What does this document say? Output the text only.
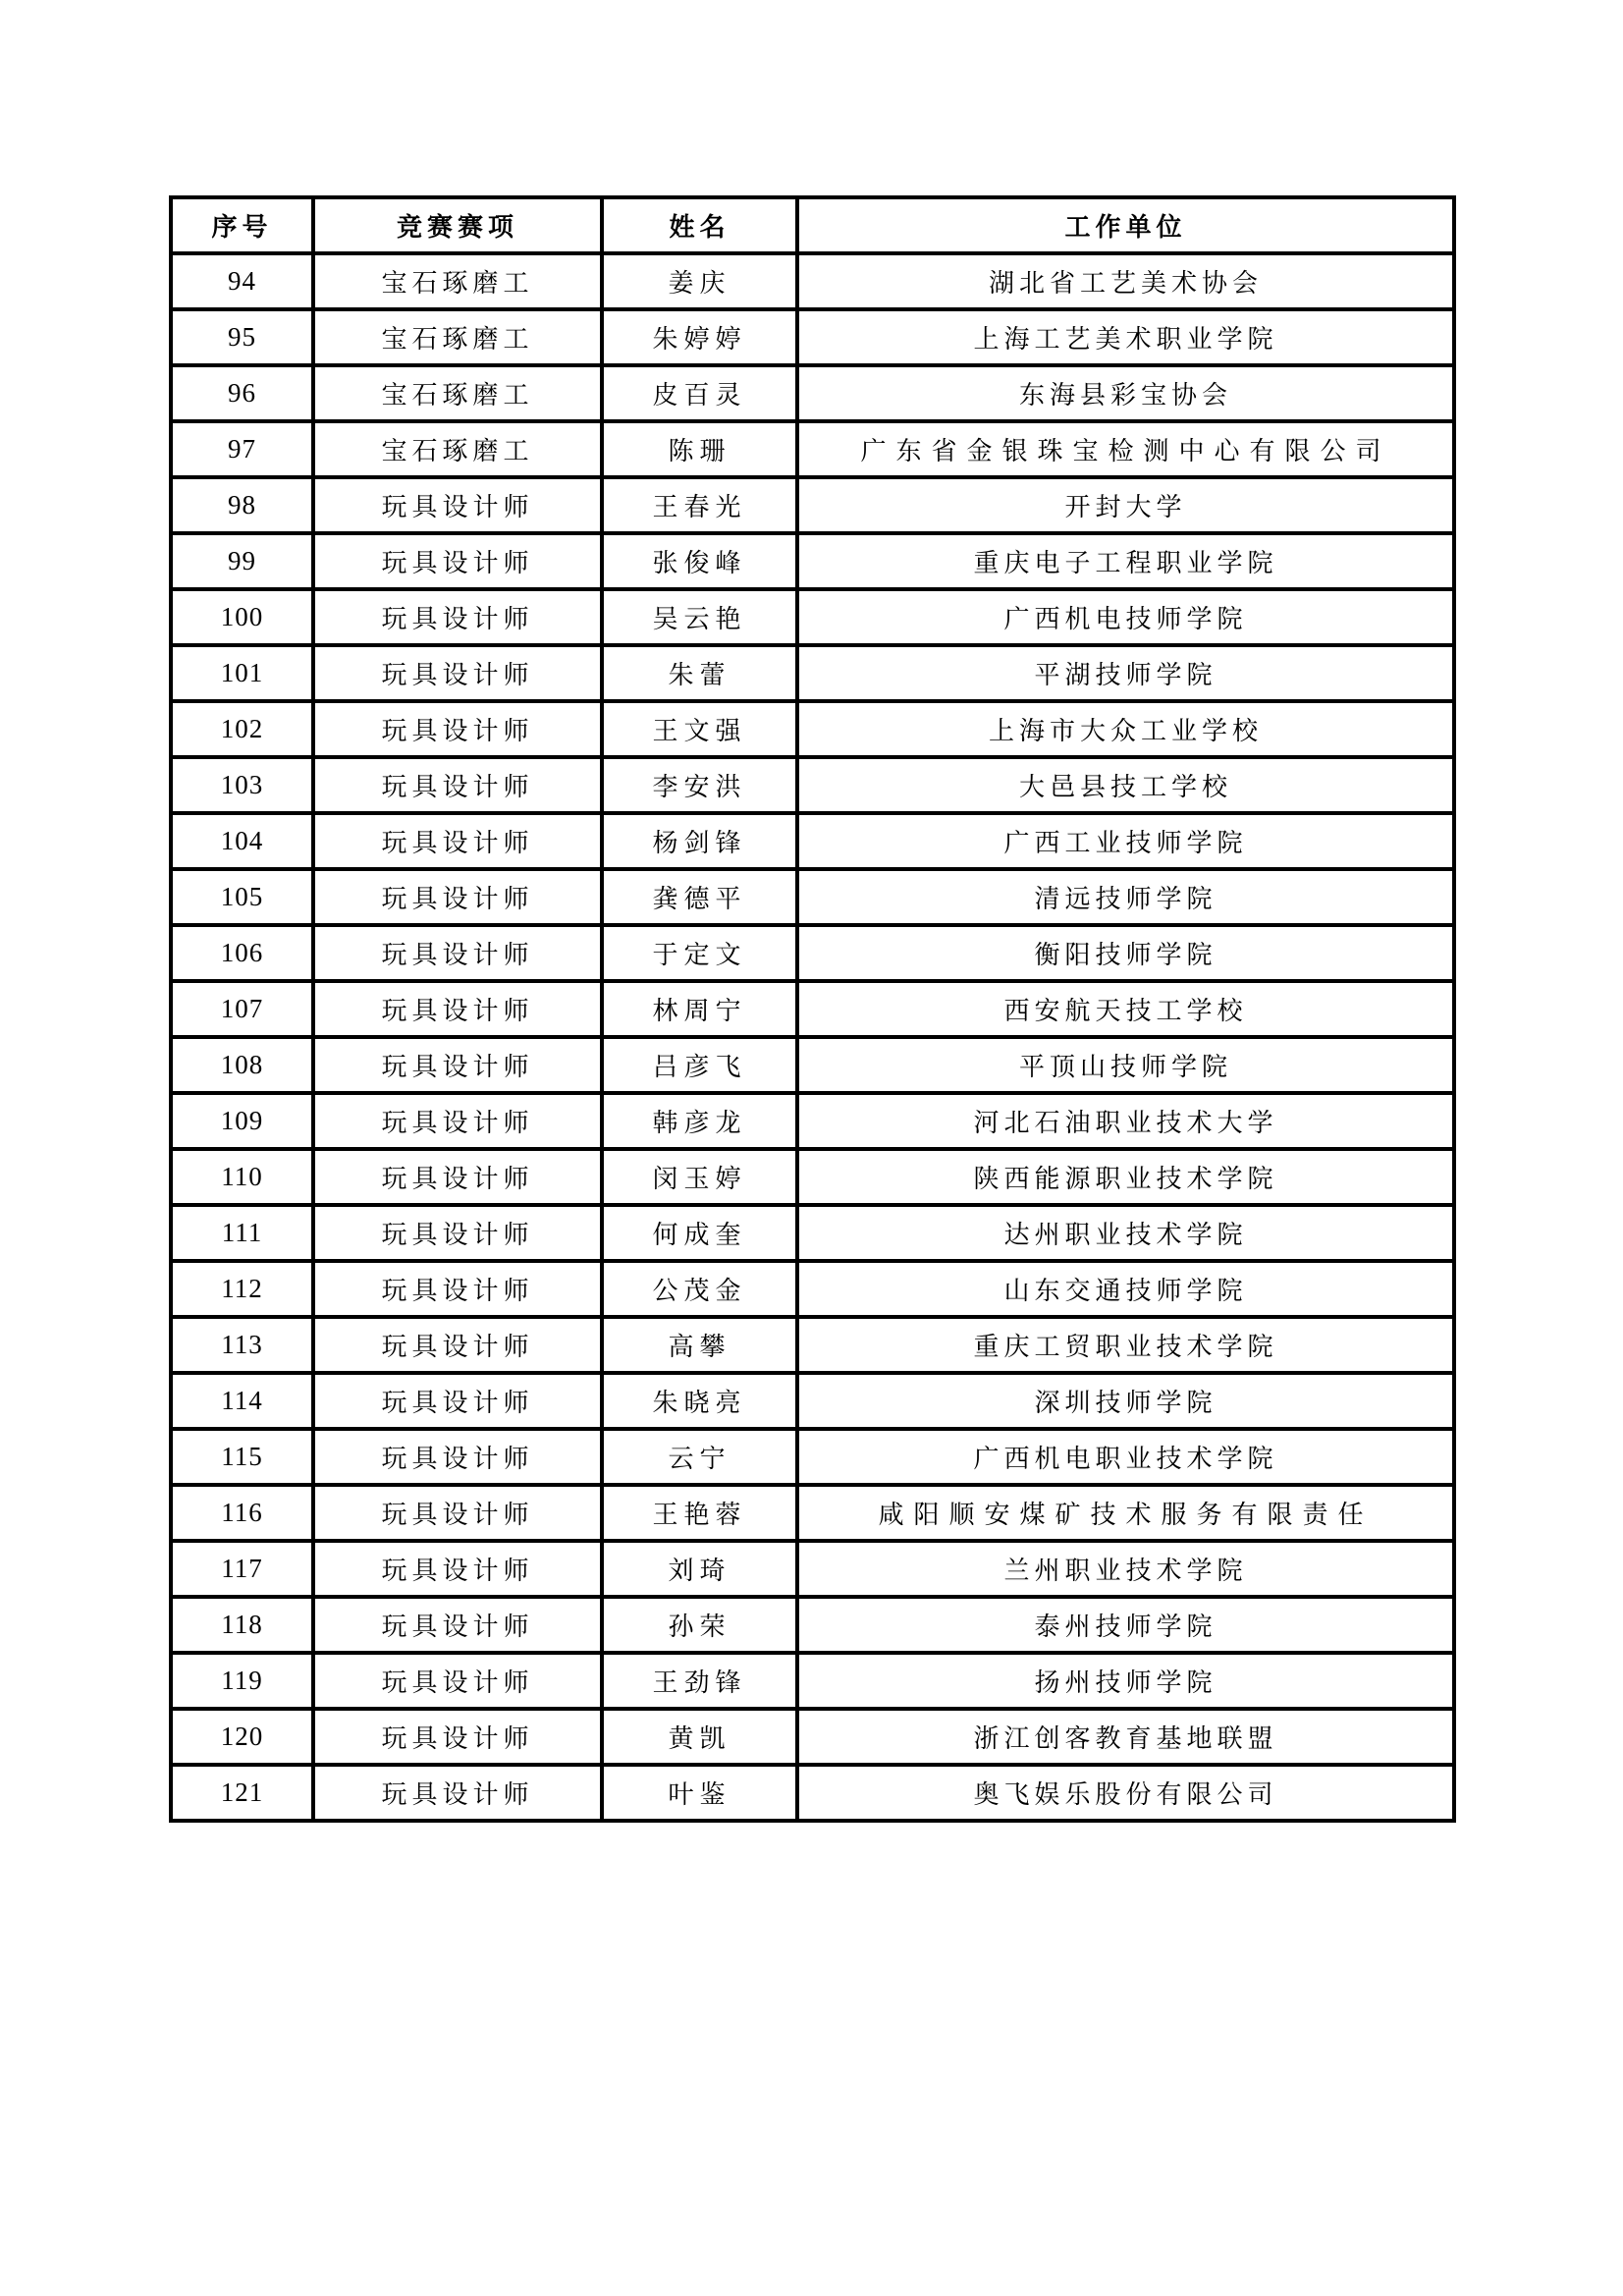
序号	竞赛赛项	姓名	工作单位
94	宝石琢磨工	姜庆	湖北省工艺美术协会
95	宝石琢磨工	朱婷婷	上海工艺美术职业学院
96	宝石琢磨工	皮百灵	东海县彩宝协会
97	宝石琢磨工	陈珊	广东省金银珠宝检测中心有限公司
98	玩具设计师	王春光	开封大学
99	玩具设计师	张俊峰	重庆电子工程职业学院
100	玩具设计师	吴云艳	广西机电技师学院
101	玩具设计师	朱蕾	平湖技师学院
102	玩具设计师	王文强	上海市大众工业学校
103	玩具设计师	李安洪	大邑县技工学校
104	玩具设计师	杨剑锋	广西工业技师学院
105	玩具设计师	龚德平	清远技师学院
106	玩具设计师	于定文	衡阳技师学院
107	玩具设计师	林周宁	西安航天技工学校
108	玩具设计师	吕彦飞	平顶山技师学院
109	玩具设计师	韩彦龙	河北石油职业技术大学
110	玩具设计师	闵玉婷	陕西能源职业技术学院
111	玩具设计师	何成奎	达州职业技术学院
112	玩具设计师	公茂金	山东交通技师学院
113	玩具设计师	高攀	重庆工贸职业技术学院
114	玩具设计师	朱晓亮	深圳技师学院
115	玩具设计师	云宁	广西机电职业技术学院
116	玩具设计师	王艳蓉	咸阳顺安煤矿技术服务有限责任
117	玩具设计师	刘琦	兰州职业技术学院
118	玩具设计师	孙荣	泰州技师学院
119	玩具设计师	王劲锋	扬州技师学院
120	玩具设计师	黄凯	浙江创客教育基地联盟
121	玩具设计师	叶鉴	奥飞娱乐股份有限公司
